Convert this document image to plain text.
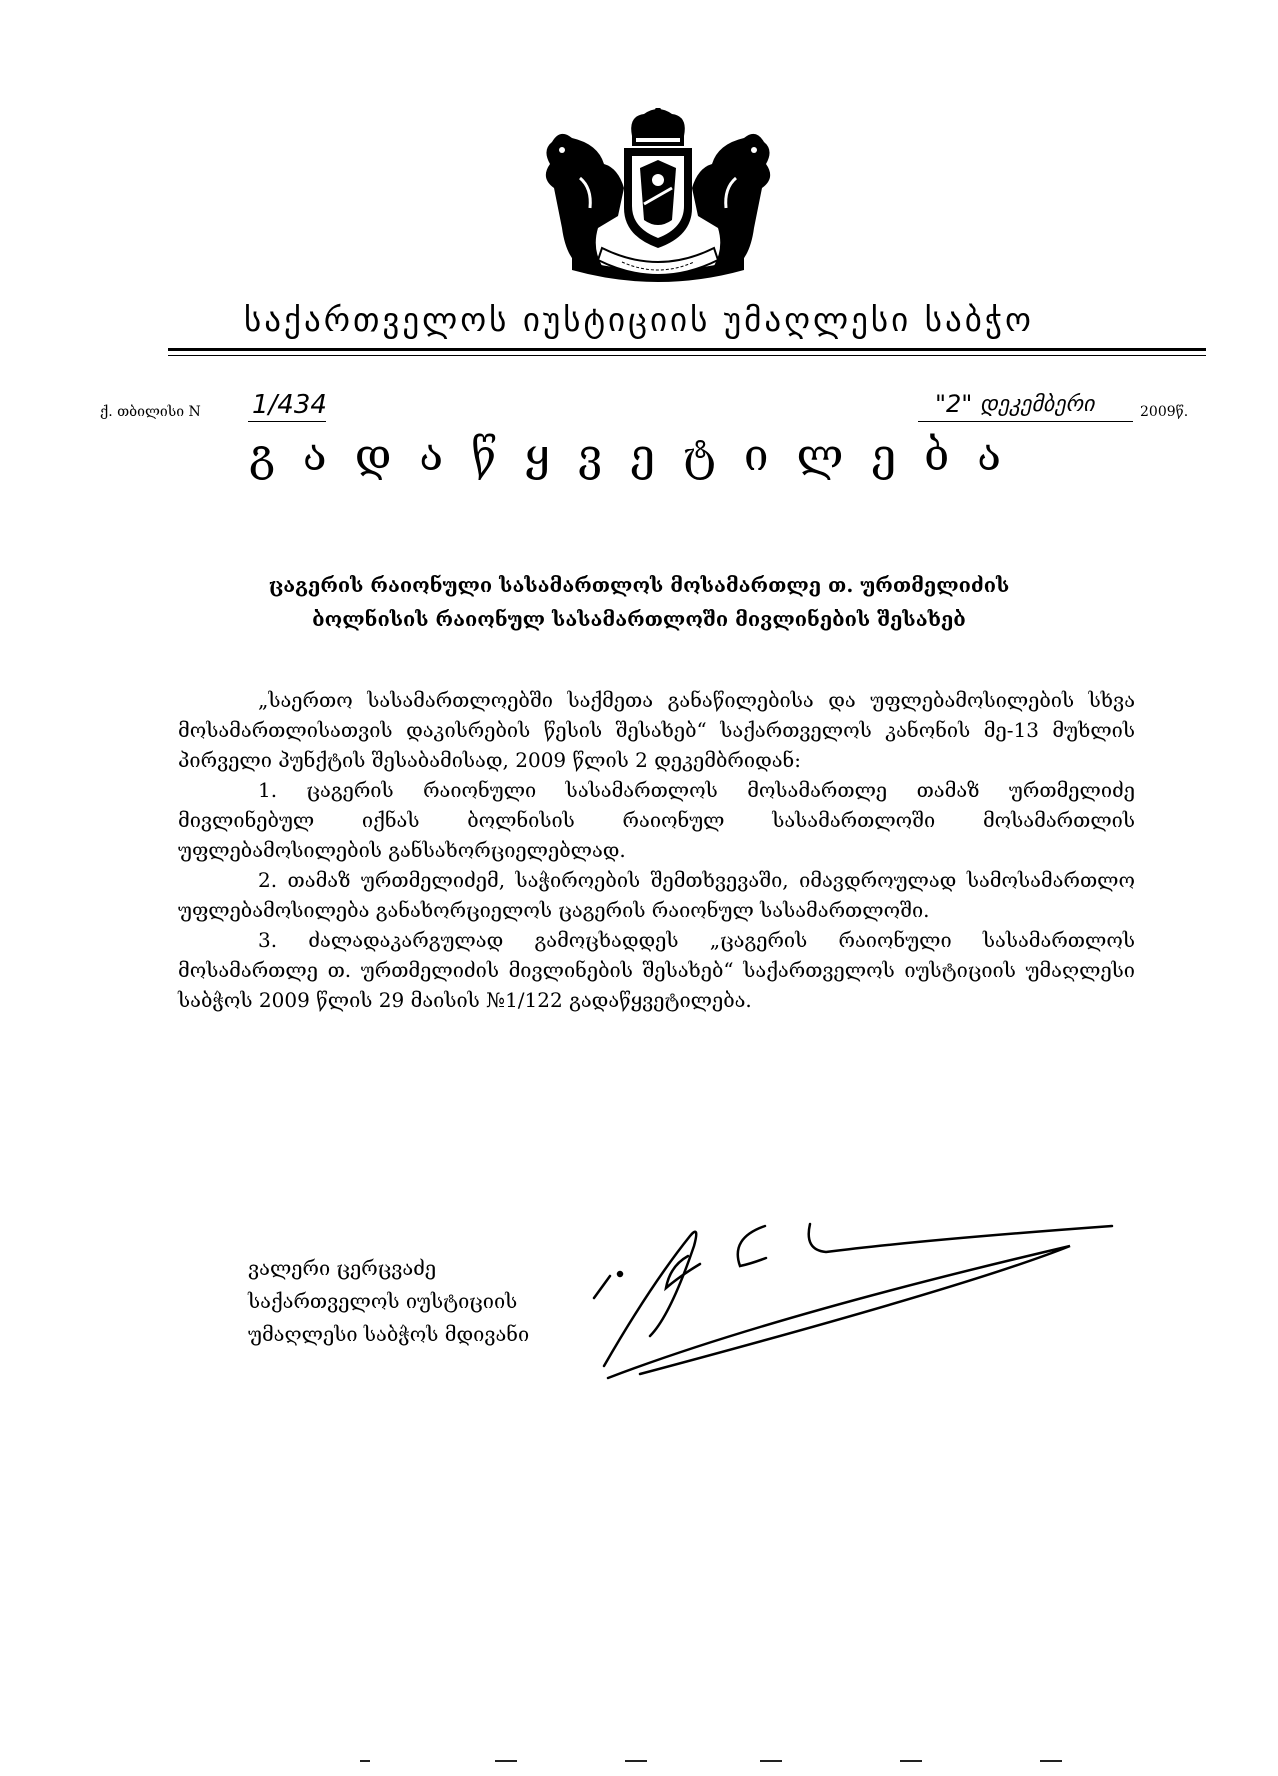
საქართველოს იუსტიციის უმაღლესი საბჭო
ქ. თბილისი N 1/434	"2" დეკემბერი	2009წ.
გადაწყვეტილება
ცაგერის რაიონული სასამართლოს მოსამართლე თ. ურთმელიძის
ბოლნისის რაიონულ სასამართლოში მივლინების შესახებ

„საერთო სასამართლოებში საქმეთა განაწილებისა და უფლებამოსილების სხვა მოსამართლისათვის დაკისრების წესის შესახებ“ საქართველოს კანონის მე-13 მუხლის პირველი პუნქტის შესაბამისად, 2009 წლის 2 დეკემბრიდან:

1. ცაგერის რაიონული სასამართლოს მოსამართლე თამაზ ურთმელიძე მივლინებულ იქნას ბოლნისის რაიონულ სასამართლოში მოსამართლის უფლებამოსილების განსახორციელებლად.

2. თამაზ ურთმელიძემ, საჭიროების შემთხვევაში, იმავდროულად სამოსამართლო უფლებამოსილება განახორციელოს ცაგერის რაიონულ სასამართლოში.

3. ძალადაკარგულად გამოცხადდეს „ცაგერის რაიონული სასამართლოს მოსამართლე თ. ურთმელიძის მივლინების შესახებ“ საქართველოს იუსტიციის უმაღლესი საბჭოს 2009 წლის 29 მაისის №1/122 გადაწყვეტილება.

ვალერი ცერცვაძე
საქართველოს იუსტიციის
უმაღლესი საბჭოს მდივანი
